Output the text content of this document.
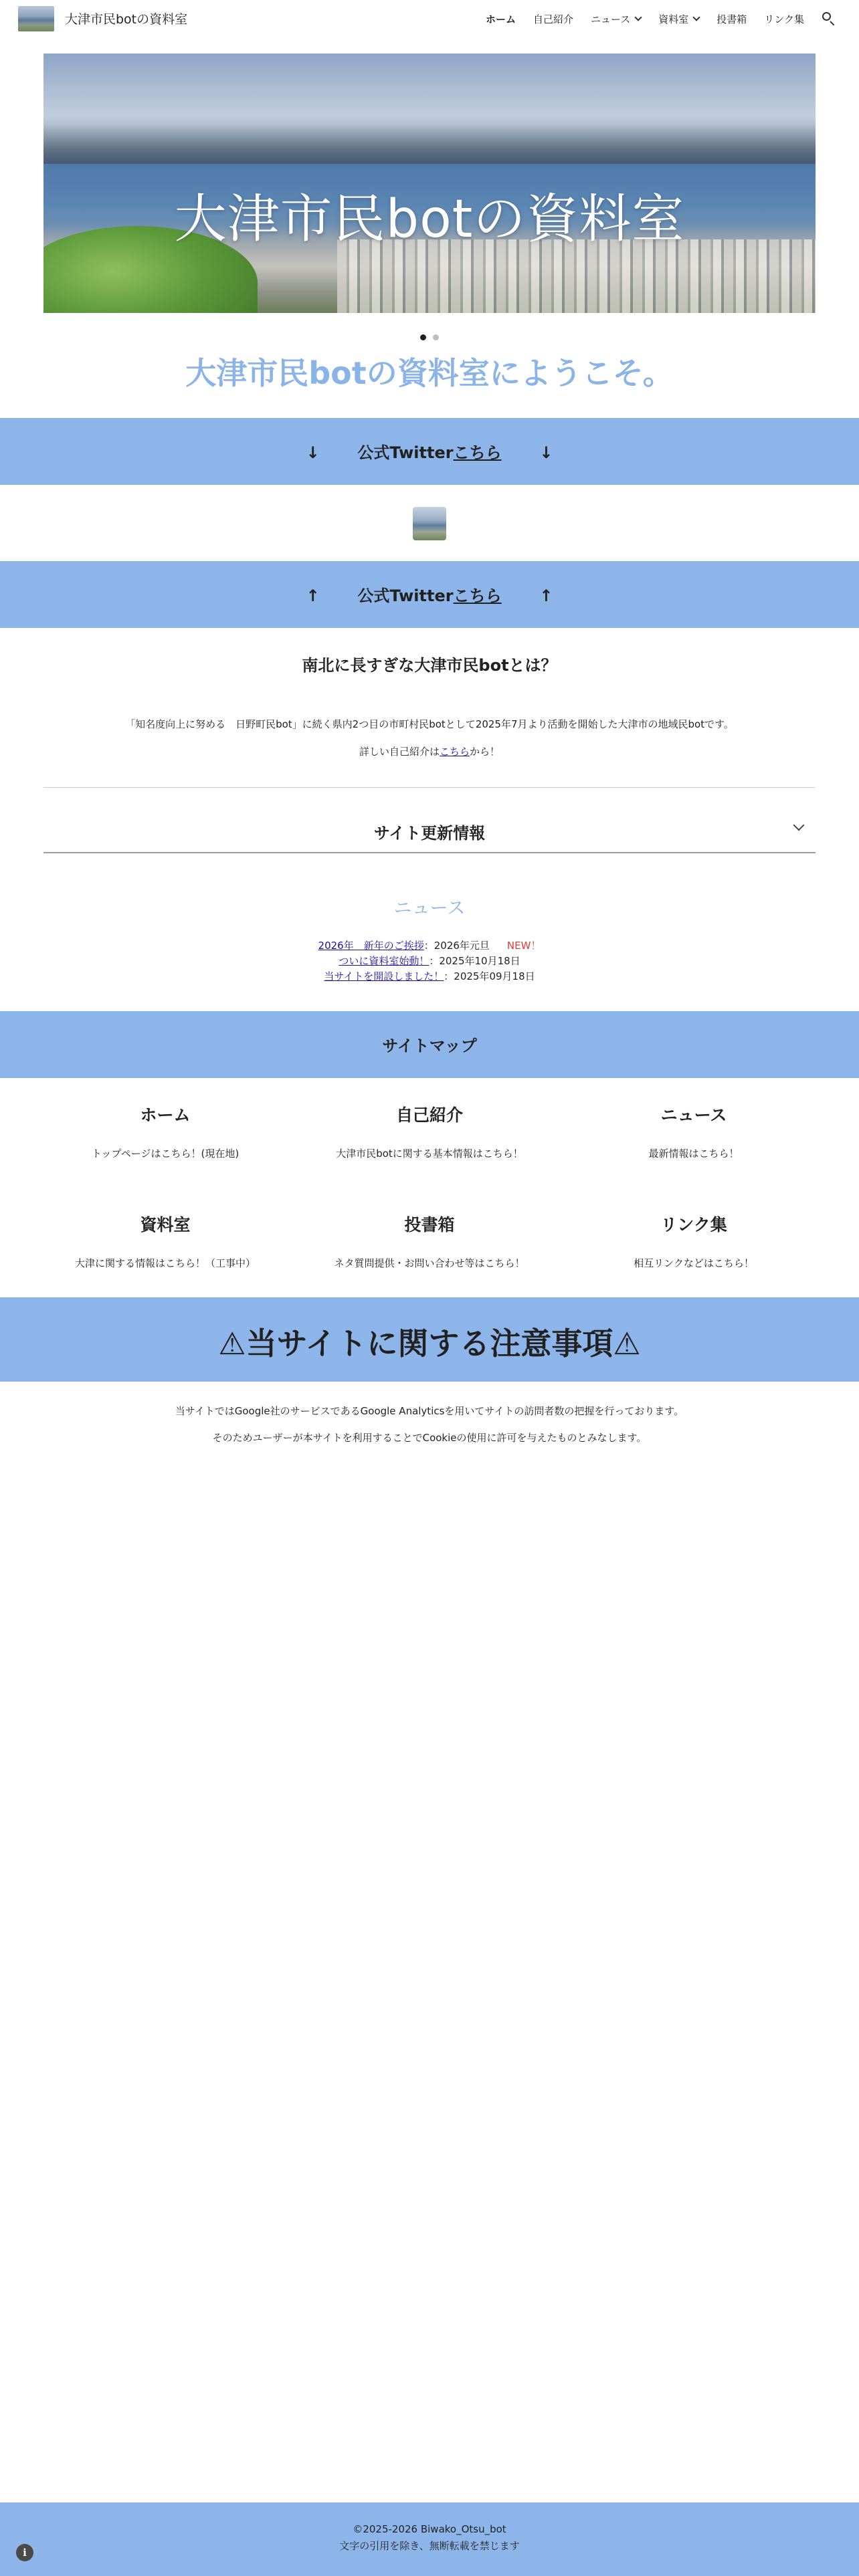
大津市民botの資料室	ホーム 自己紹介 ニュース	資料室	投書箱 リンク集
大津市民botの資料室
大津市民botの資料室にようこそ。
↓ 公式Twitterこちら ↓
↑ 公式Twitterこちら ↑
南北に長すぎな大津市民botとは？
「知名度向上に努める　日野町民bot」に続く県内2つ目の市町村民botとして2025年7月より活動を開始した大津市の地域民botです。
詳しい自己紹介はこちらから！
サイト更新情報
ニュース
2026年　新年のご挨拶：2026年元旦 NEW！
ついに資料室始動！：2025年10月18日
当サイトを開設しました！：2025年09月18日
サイトマップ
ホーム
トップページはこちら！(現在地)
自己紹介
大津市民botに関する基本情報はこちら！
ニュース
最新情報はこちら！
資料室
大津に関する情報はこちら！（工事中）
投書箱
ネタ質問提供・お問い合わせ等はこちら！
リンク集
相互リンクなどはこちら！
⚠当サイトに関する注意事項⚠
当サイトではGoogle社のサービスであるGoogle Analyticsを用いてサイトの訪問者数の把握を行っております。
そのためユーザーが本サイトを利用することでCookieの使用に許可を与えたものとみなします。
©2025-2026 Biwako_Otsu_bot
文字の引用を除き、無断転載を禁じます
i
